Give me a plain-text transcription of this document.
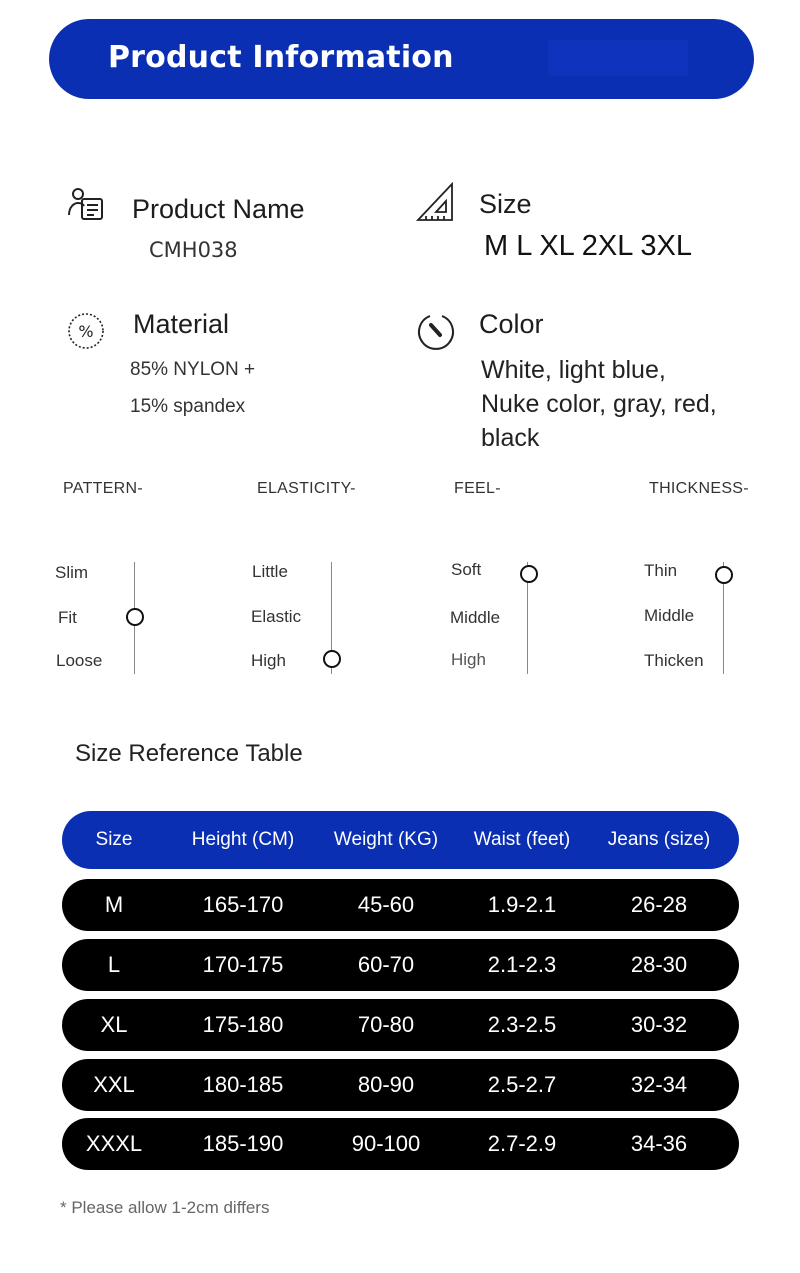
Product Information
Product Name
CMH038
Size
M L XL 2XL 3XL
% Material
85% NYLON +
15% spandex
Color
White, light blue,
Nuke color, gray, red,
black
PATTERN-
Slim
Fit
Loose
ELASTICITY-
Little
Elastic
High
FEEL-
Soft
Middle
High
THICKNESS-
Thin
Middle
Thicken
Size Reference Table
Size	Height (CM)	Weight (KG)	Waist (feet)	Jeans (size)
M	165-170	45-60	1.9-2.1	26-28
L	170-175	60-70	2.1-2.3	28-30
XL	175-180	70-80	2.3-2.5	30-32
XXL	180-185	80-90	2.5-2.7	32-34
XXXL	185-190	90-100	2.7-2.9	34-36
* Please allow 1-2cm differs
